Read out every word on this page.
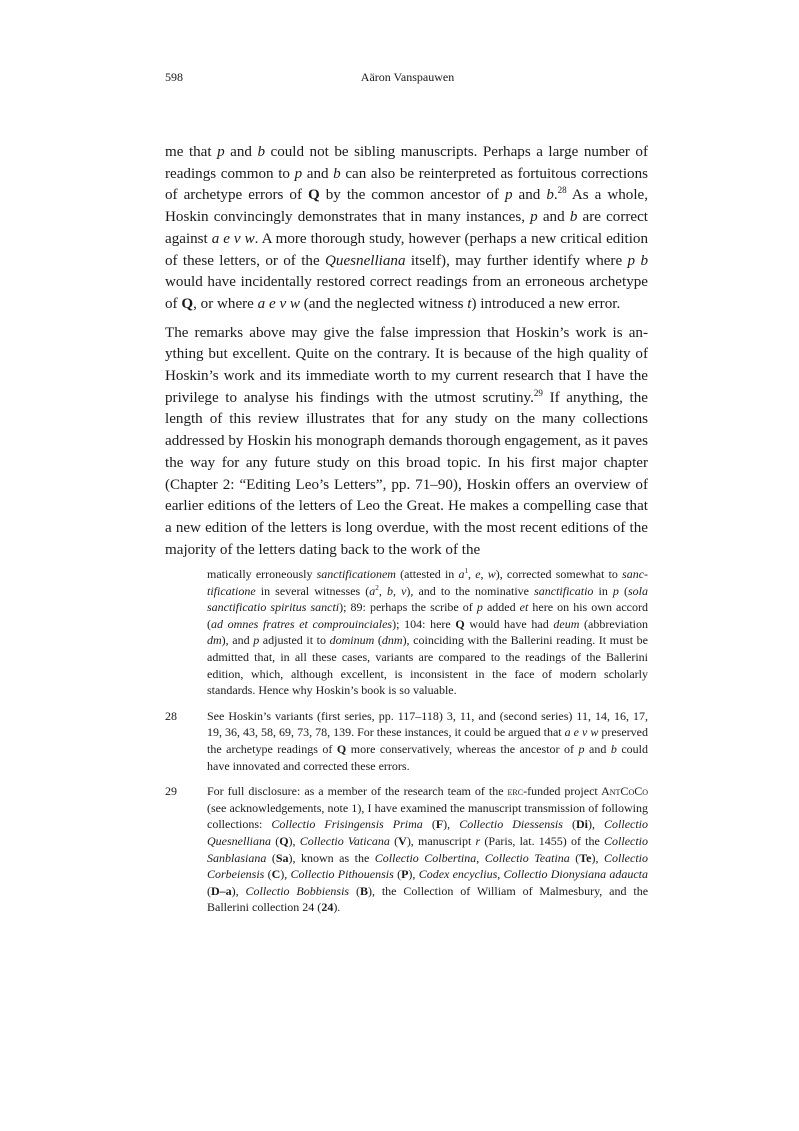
598	Aäron Vanspauwen

me that p and b could not be sibling manuscripts. Perhaps a large number of readings common to p and b can also be reinterpreted as fortuitous corrections of archetype errors of Q by the common ancestor of p and b.$^{28}$ As a whole, Hoskin convincingly demonstrates that in many instances, p and b are correct against a e v w. A more thorough study, however (perhaps a new critical edition of these letters, or of the Quesnelliana itself), may further identify where p b would have incidentally restored correct readings from an erroneous archetype of Q, or where a e v w (and the neglected witness t) introduced a new error.

The remarks above may give the false impression that Hoskin’s work is anything but excellent. Quite on the contrary. It is because of the high quality of Hoskin’s work and its immediate worth to my current research that I have the privilege to analyse his findings with the utmost scrutiny.$^{29}$ If anything, the length of this review illustrates that for any study on the many collections addressed by Hoskin his monograph demands thorough engagement, as it paves the way for any future study on this broad topic. In his first major chapter (Chapter 2: “Editing Leo’s Letters”, pp. 71–90), Hoskin offers an overview of earlier editions of the letters of Leo the Great. He makes a compelling case that a new edition of the letters is long overdue, with the most recent editions of the majority of the letters dating back to the work of the

matically erroneously sanctificationem (attested in $a^1$, e, w), corrected somewhat to sanctificatione in several witnesses ($a^2$, b, v), and to the nominative sanctificatio in p (sola sanctificatio spiritus sancti); 89: perhaps the scribe of p added et here on his own accord (ad omnes fratres et comprouinciales); 104: here Q would have had deum (abbreviation dm), and p adjusted it to dominum (dnm), coinciding with the Ballerini reading. It must be admitted that, in all these cases, variants are compared to the readings of the Ballerini edition, which, although excellent, is inconsistent in the face of modern scholarly standards. Hence why Hoskin’s book is so valuable.
28	See Hoskin’s variants (first series, pp. 117–118) 3, 11, and (second series) 11, 14, 16, 17, 19, 36, 43, 58, 69, 73, 78, 139. For these instances, it could be argued that a e v w preserved the archetype readings of Q more conservatively, whereas the ancestor of p and b could have innovated and corrected these errors.
29	For full disclosure: as a member of the research team of the erc-funded project AntCoCo (see acknowledgements, note 1), I have examined the manuscript transmission of following collections: Collectio Frisingensis Prima (F), Collectio Diessensis (Di), Collectio Quesnelliana (Q), Collectio Vaticana (V), manuscript r (Paris, lat. 1455) of the Collectio Sanblasiana (Sa), known as the Collectio Colbertina, Collectio Teatina (Te), Collectio Corbeiensis (C), Collectio Pithouensis (P), Codex encyclius, Collectio Dionysiana adaucta (D–a), Collectio Bobbiensis (B), the Collection of William of Malmesbury, and the Ballerini collection 24 (24).
